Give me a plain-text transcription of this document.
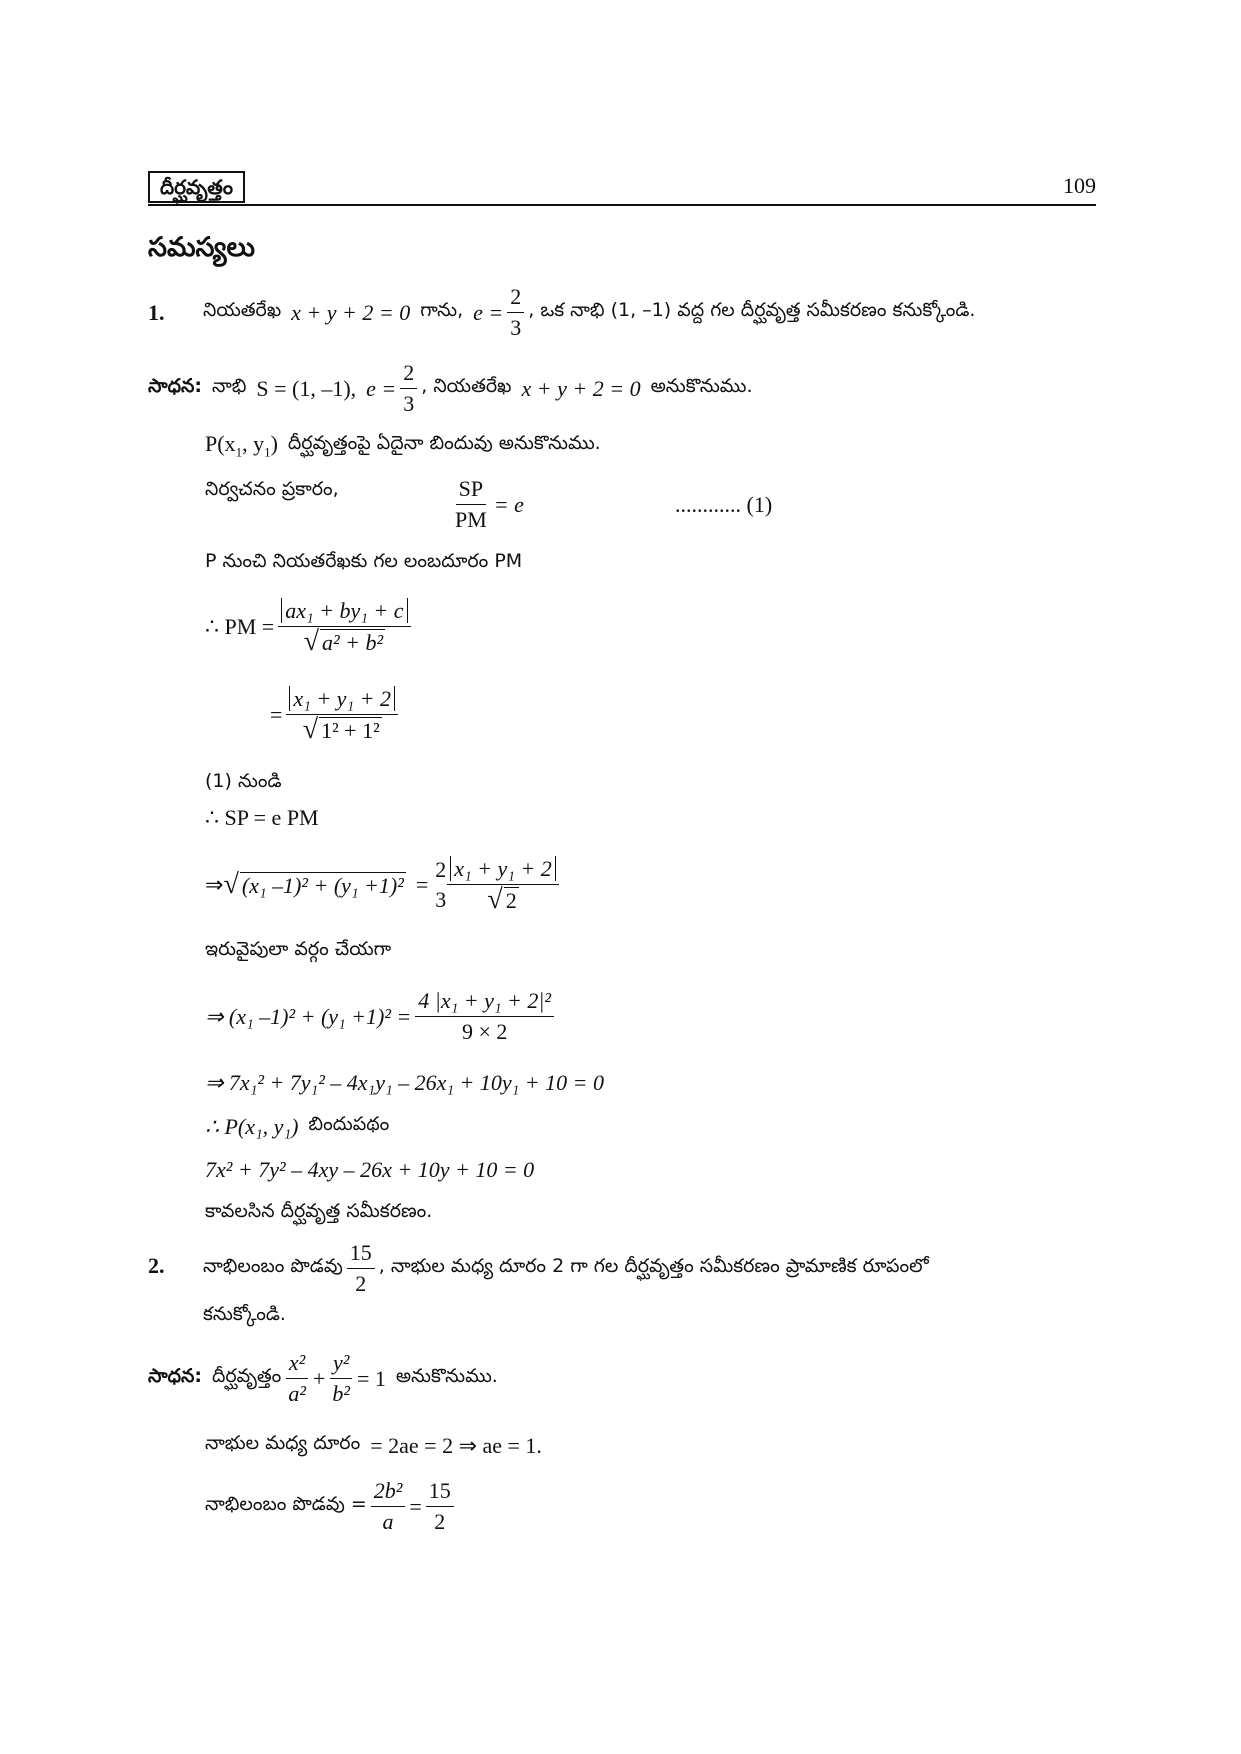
దీర్ఘవృత్తం	109
సమస్యలు
1. నియతరేఖ x + y + 2 = 0 గాను, $e = \frac{2}{3}$ , ఒక నాభి (1, –1) వద్ద గల దీర్ఘవృత్త సమీకరణం కనుక్కోండి.
సాధన: నాభి S = (1, –1), $e = \frac{2}{3}$ , నియతరేఖ x + y + 2 = 0 అనుకొనుము.
$P(x_1$, $y_1$) దీర్ఘవృత్తంపై ఏదైనా బిందువు అనుకొనుము.
నిర్వచనం ప్రకారం,	$\frac{SP}{PM} = e$	............ (1)
P నుంచి నియతరేఖకు గల లంబదూరం PM
∴ PM = $\frac{\text{ax₁ + by₁ + c}}{\text{√ a² + b²}}$
= $\frac{\text{x₁ + y₁ + 2}}{\text{√ 1² + 1²}}$
(1) నుండి
∴ SP = e PM
⇒ √ (x₁ –1)² + (y₁ +1)² =
2
$3 \frac{\text{x₁ + y₁ + 2}}{√ 2}$
ఇరువైపులా వర్గం చేయగా
⇒ (x₁ $-1)^2 + (y_1 +1)^2 = \frac{\text{4 |x₁ + y₁ + 2|²}}{9 \times 2}$
⇒ 7x₁² + 7y₁² – 4x₁y₁ – 26x₁ + 10y₁ + 10 = 0
∴ P(x₁, y₁) బిందుపథం
7x² + 7y² – 4xy – 26x + 10y + 10 = 0
కావలసిన దీర్ఘవృత్త సమీకరణం.
2. నాభిలంబం పొడవు $\frac{15}{2}$ , నాభుల మధ్య దూరం 2 గా గల దీర్ఘవృత్తం సమీకరణం ప్రామాణిక రూపంలో
కనుక్కోండి.
సాధన: దీర్ఘవృత్తం $\frac{\text{x²}}{\text{a²}} + \frac{\text{y²}}{\text{b²}} = 1$ అనుకొనుము.
నాభుల మధ్య దూరం = 2ae = 2 ⇒ ae = 1.
నాభిలంబం పొడవు = $\frac{\text{2b²}}{a} = \frac{15}{2}$
